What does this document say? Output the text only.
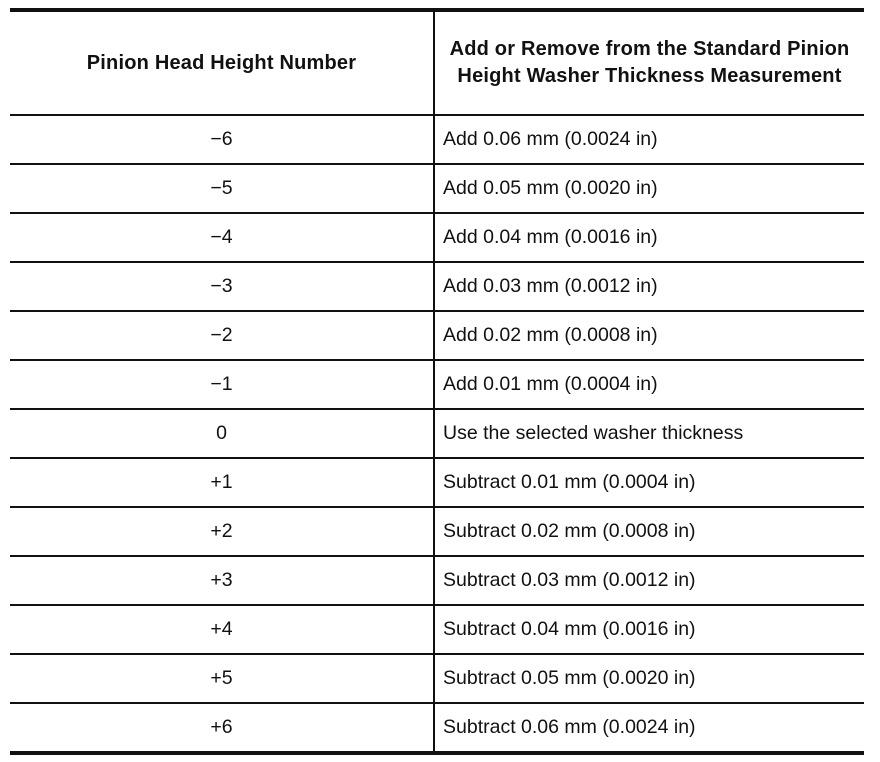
Pinion Head Height Number	Add or Remove from the Standard Pinion Height Washer Thickness Measurement
−6	Add 0.06 mm (0.0024 in)
−5	Add 0.05 mm (0.0020 in)
−4	Add 0.04 mm (0.0016 in)
−3	Add 0.03 mm (0.0012 in)
−2	Add 0.02 mm (0.0008 in)
−1	Add 0.01 mm (0.0004 in)
0	Use the selected washer thickness
+1	Subtract 0.01 mm (0.0004 in)
+2	Subtract 0.02 mm (0.0008 in)
+3	Subtract 0.03 mm (0.0012 in)
+4	Subtract 0.04 mm (0.0016 in)
+5	Subtract 0.05 mm (0.0020 in)
+6	Subtract 0.06 mm (0.0024 in)
